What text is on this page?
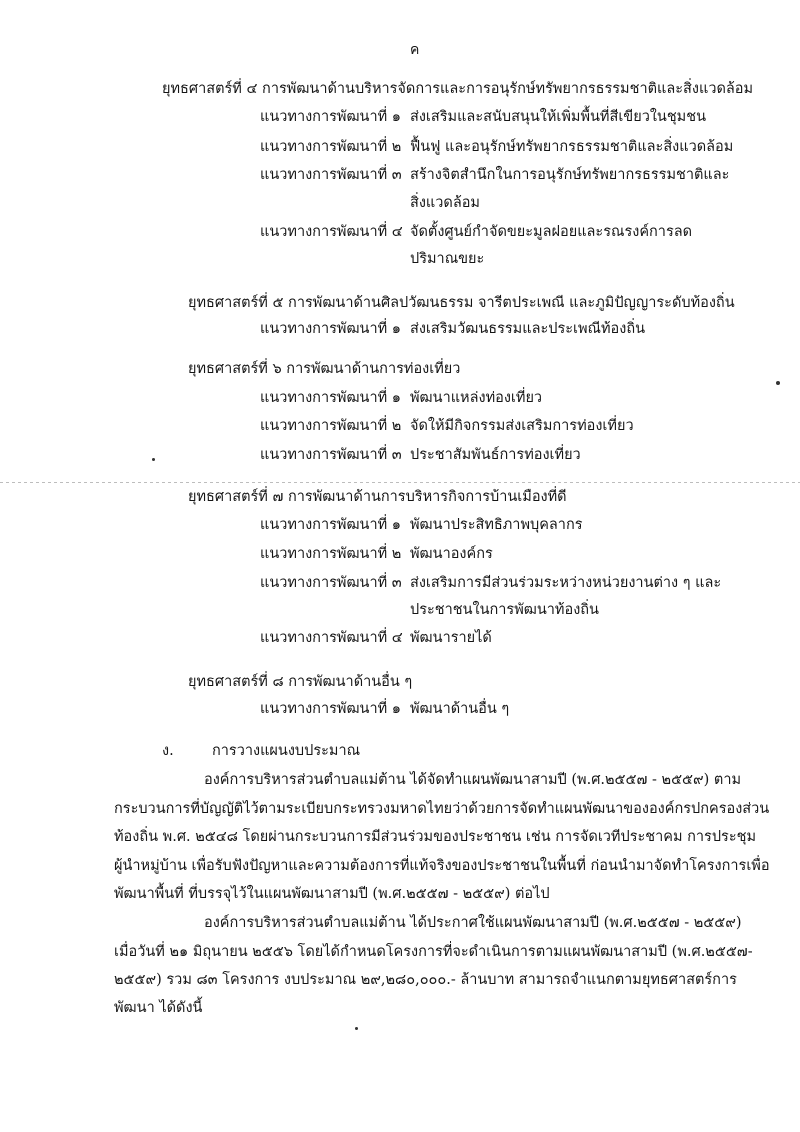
ค
ยุทธศาสตร์ที่ ๔ การพัฒนาด้านบริหารจัดการและการอนุรักษ์ทรัพยากรธรรมชาติและสิ่งแวดล้อม
แนวทางการพัฒนาที่ ๑ ส่งเสริมและสนับสนุนให้เพิ่มพื้นที่สีเขียวในชุมชน
แนวทางการพัฒนาที่ ๒ ฟื้นฟู และอนุรักษ์ทรัพยากรธรรมชาติและสิ่งแวดล้อม
แนวทางการพัฒนาที่ ๓ สร้างจิตสำนึกในการอนุรักษ์ทรัพยากรธรรมชาติและ
สิ่งแวดล้อม
แนวทางการพัฒนาที่ ๔ จัดตั้งศูนย์กำจัดขยะมูลฝอยและรณรงค์การลด
ปริมาณขยะ
ยุทธศาสตร์ที่ ๕ การพัฒนาด้านศิลปวัฒนธรรม จารีตประเพณี และภูมิปัญญาระดับท้องถิ่น
แนวทางการพัฒนาที่ ๑ ส่งเสริมวัฒนธรรมและประเพณีท้องถิ่น
ยุทธศาสตร์ที่ ๖ การพัฒนาด้านการท่องเที่ยว
แนวทางการพัฒนาที่ ๑ พัฒนาแหล่งท่องเที่ยว
แนวทางการพัฒนาที่ ๒ จัดให้มีกิจกรรมส่งเสริมการท่องเที่ยว
แนวทางการพัฒนาที่ ๓ ประชาสัมพันธ์การท่องเที่ยว
ยุทธศาสตร์ที่ ๗ การพัฒนาด้านการบริหารกิจการบ้านเมืองที่ดี
แนวทางการพัฒนาที่ ๑ พัฒนาประสิทธิภาพบุคลากร
แนวทางการพัฒนาที่ ๒ พัฒนาองค์กร
แนวทางการพัฒนาที่ ๓ ส่งเสริมการมีส่วนร่วมระหว่างหน่วยงานต่าง ๆ และ
ประชาชนในการพัฒนาท้องถิ่น
แนวทางการพัฒนาที่ ๔ พัฒนารายได้
ยุทธศาสตร์ที่ ๘ การพัฒนาด้านอื่น ๆ
แนวทางการพัฒนาที่ ๑ พัฒนาด้านอื่น ๆ
ง.	การวางแผนงบประมาณ
องค์การบริหารส่วนตำบลแม่ต้าน ได้จัดทำแผนพัฒนาสามปี (พ.ศ.๒๕๕๗ - ๒๕๕๙) ตาม
กระบวนการที่บัญญัติไว้ตามระเบียบกระทรวงมหาดไทยว่าด้วยการจัดทำแผนพัฒนาขององค์กรปกครองส่วน
ท้องถิ่น พ.ศ. ๒๕๔๘ โดยผ่านกระบวนการมีส่วนร่วมของประชาชน เช่น การจัดเวทีประชาคม การประชุม
ผู้นำหมู่บ้าน เพื่อรับฟังปัญหาและความต้องการที่แท้จริงของประชาชนในพื้นที่ ก่อนนำมาจัดทำโครงการเพื่อ
พัฒนาพื้นที่ ที่บรรจุไว้ในแผนพัฒนาสามปี (พ.ศ.๒๕๕๗ - ๒๕๕๙) ต่อไป
องค์การบริหารส่วนตำบลแม่ต้าน ได้ประกาศใช้แผนพัฒนาสามปี (พ.ศ.๒๕๕๗ - ๒๕๕๙)
เมื่อวันที่ ๒๑ มิถุนายน ๒๕๕๖ โดยได้กำหนดโครงการที่จะดำเนินการตามแผนพัฒนาสามปี (พ.ศ.๒๕๕๗-
๒๕๕๙) รวม ๘๓ โครงการ งบประมาณ ๒๙,๒๘๐,๐๐๐.- ล้านบาท สามารถจำแนกตามยุทธศาสตร์การ
พัฒนา ได้ดังนี้
